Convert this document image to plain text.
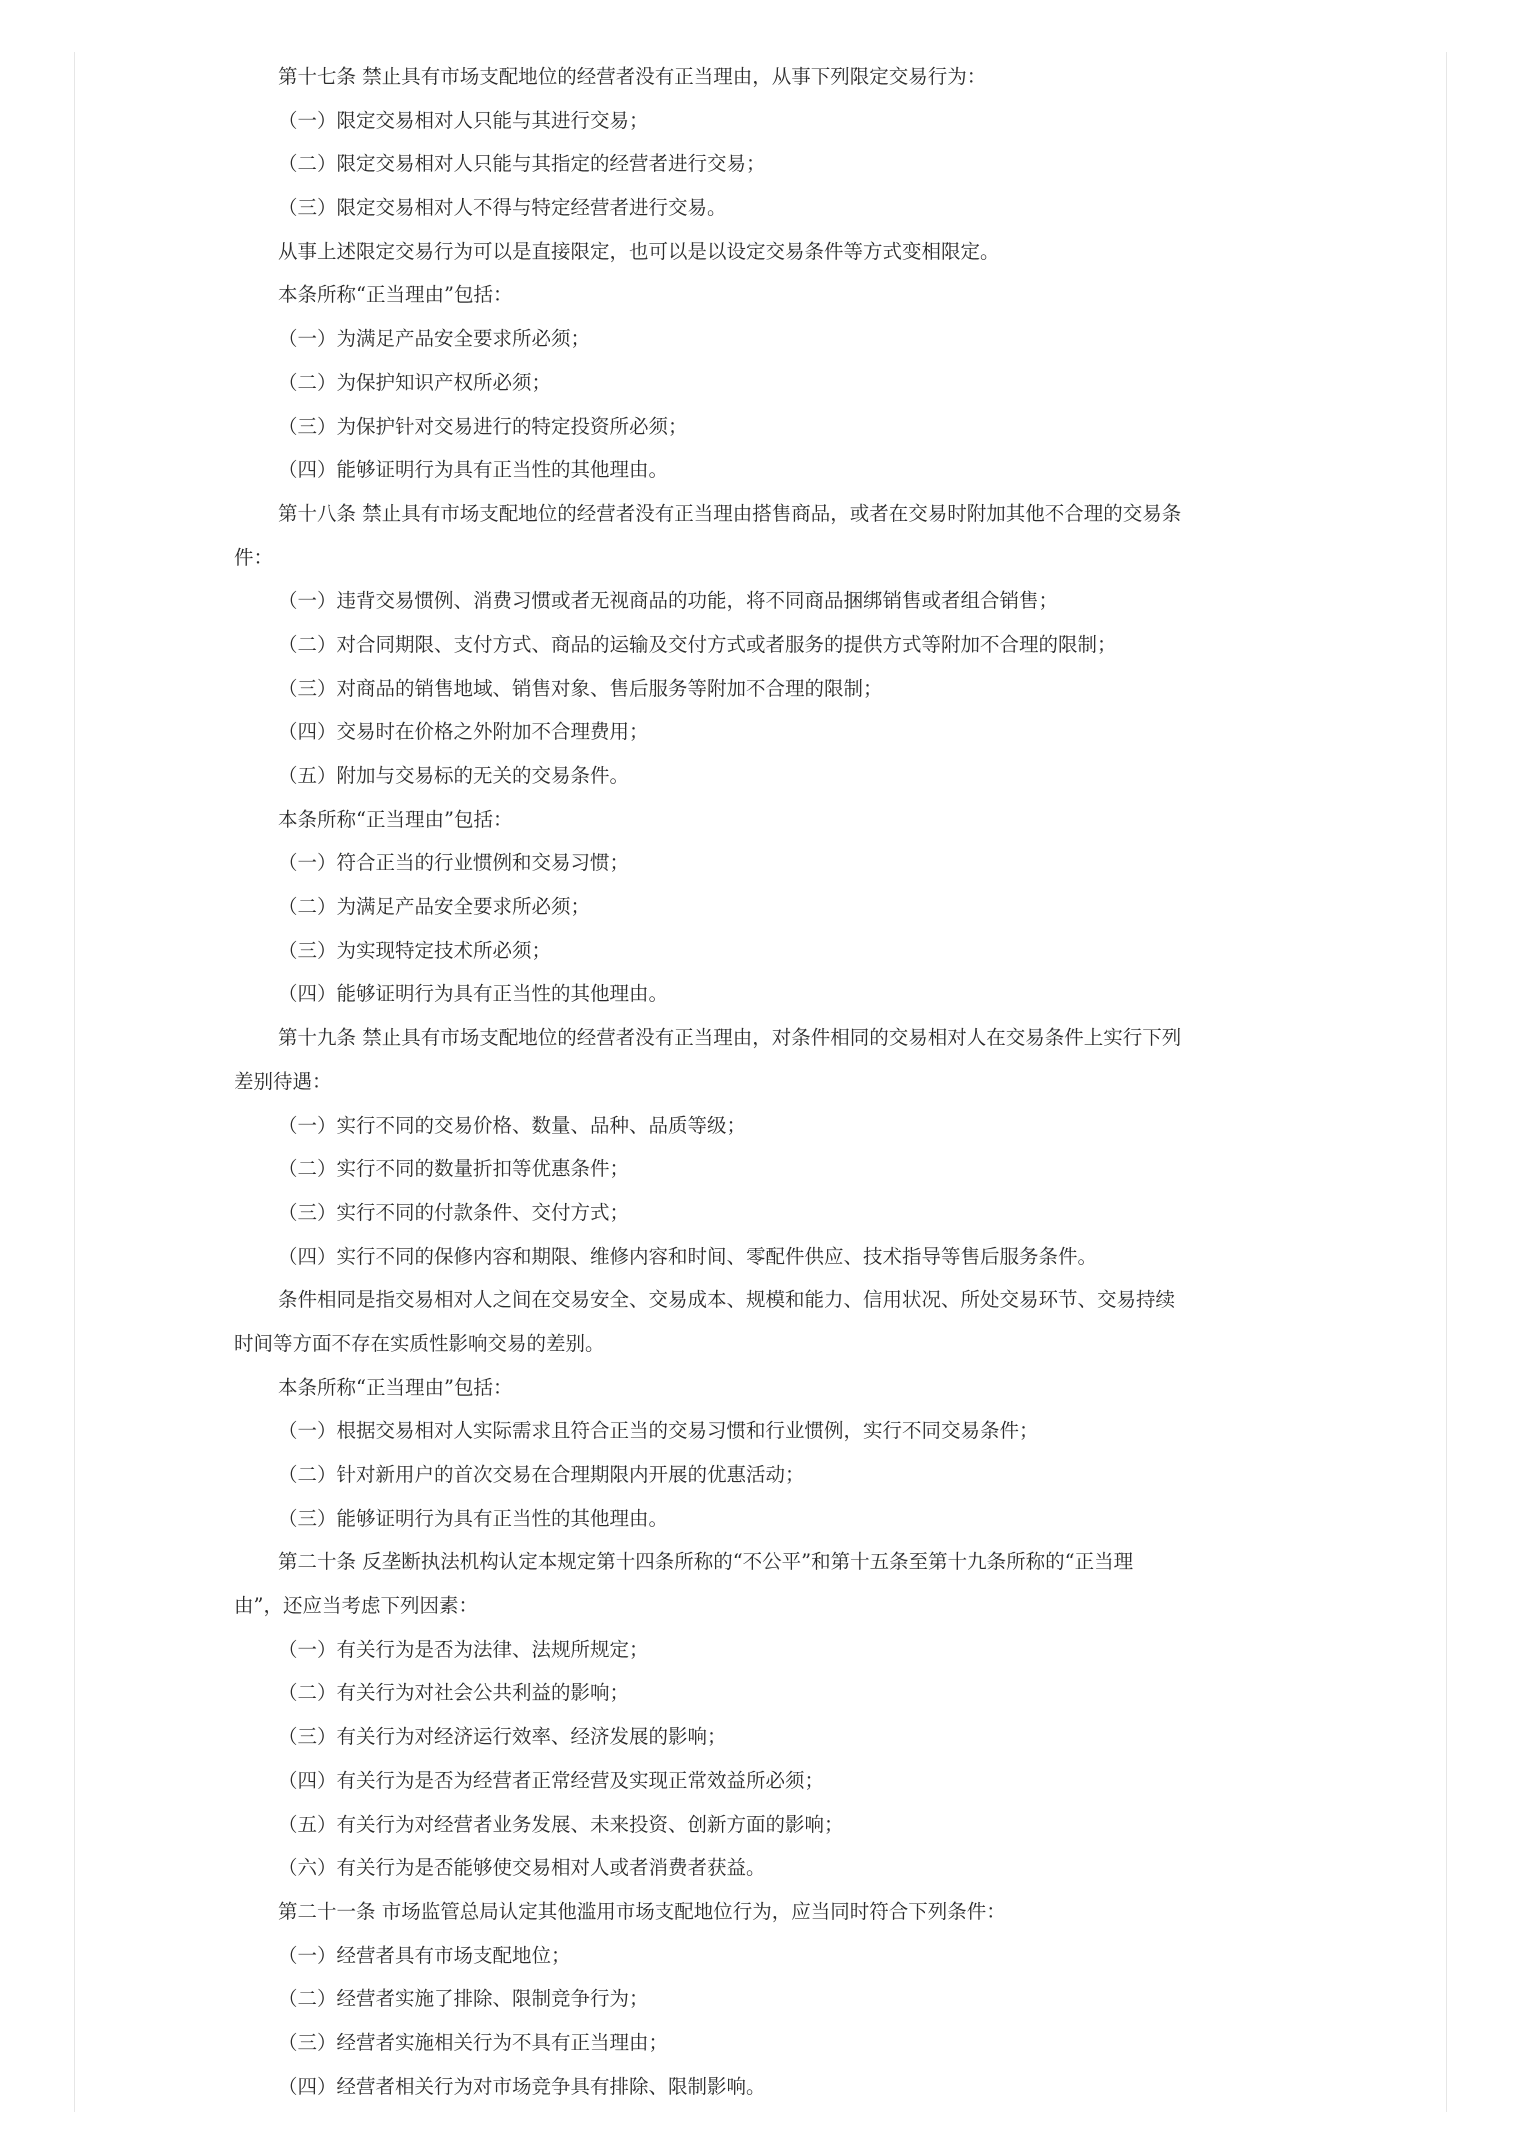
第十七条 禁止具有市场支配地位的经营者没有正当理由，从事下列限定交易行为：
（一）限定交易相对人只能与其进行交易；
（二）限定交易相对人只能与其指定的经营者进行交易；
（三）限定交易相对人不得与特定经营者进行交易。
从事上述限定交易行为可以是直接限定，也可以是以设定交易条件等方式变相限定。
本条所称“正当理由”包括：
（一）为满足产品安全要求所必须；
（二）为保护知识产权所必须；
（三）为保护针对交易进行的特定投资所必须；
（四）能够证明行为具有正当性的其他理由。
第十八条 禁止具有市场支配地位的经营者没有正当理由搭售商品，或者在交易时附加其他不合理的交易条
件：
（一）违背交易惯例、消费习惯或者无视商品的功能，将不同商品捆绑销售或者组合销售；
（二）对合同期限、支付方式、商品的运输及交付方式或者服务的提供方式等附加不合理的限制；
（三）对商品的销售地域、销售对象、售后服务等附加不合理的限制；
（四）交易时在价格之外附加不合理费用；
（五）附加与交易标的无关的交易条件。
本条所称“正当理由”包括：
（一）符合正当的行业惯例和交易习惯；
（二）为满足产品安全要求所必须；
（三）为实现特定技术所必须；
（四）能够证明行为具有正当性的其他理由。
第十九条 禁止具有市场支配地位的经营者没有正当理由，对条件相同的交易相对人在交易条件上实行下列
差别待遇：
（一）实行不同的交易价格、数量、品种、品质等级；
（二）实行不同的数量折扣等优惠条件；
（三）实行不同的付款条件、交付方式；
（四）实行不同的保修内容和期限、维修内容和时间、零配件供应、技术指导等售后服务条件。
条件相同是指交易相对人之间在交易安全、交易成本、规模和能力、信用状况、所处交易环节、交易持续
时间等方面不存在实质性影响交易的差别。
本条所称“正当理由”包括：
（一）根据交易相对人实际需求且符合正当的交易习惯和行业惯例，实行不同交易条件；
（二）针对新用户的首次交易在合理期限内开展的优惠活动；
（三）能够证明行为具有正当性的其他理由。
第二十条 反垄断执法机构认定本规定第十四条所称的“不公平”和第十五条至第十九条所称的“正当理
由”，还应当考虑下列因素：
（一）有关行为是否为法律、法规所规定；
（二）有关行为对社会公共利益的影响；
（三）有关行为对经济运行效率、经济发展的影响；
（四）有关行为是否为经营者正常经营及实现正常效益所必须；
（五）有关行为对经营者业务发展、未来投资、创新方面的影响；
（六）有关行为是否能够使交易相对人或者消费者获益。
第二十一条 市场监管总局认定其他滥用市场支配地位行为，应当同时符合下列条件：
（一）经营者具有市场支配地位；
（二）经营者实施了排除、限制竞争行为；
（三）经营者实施相关行为不具有正当理由；
（四）经营者相关行为对市场竞争具有排除、限制影响。
